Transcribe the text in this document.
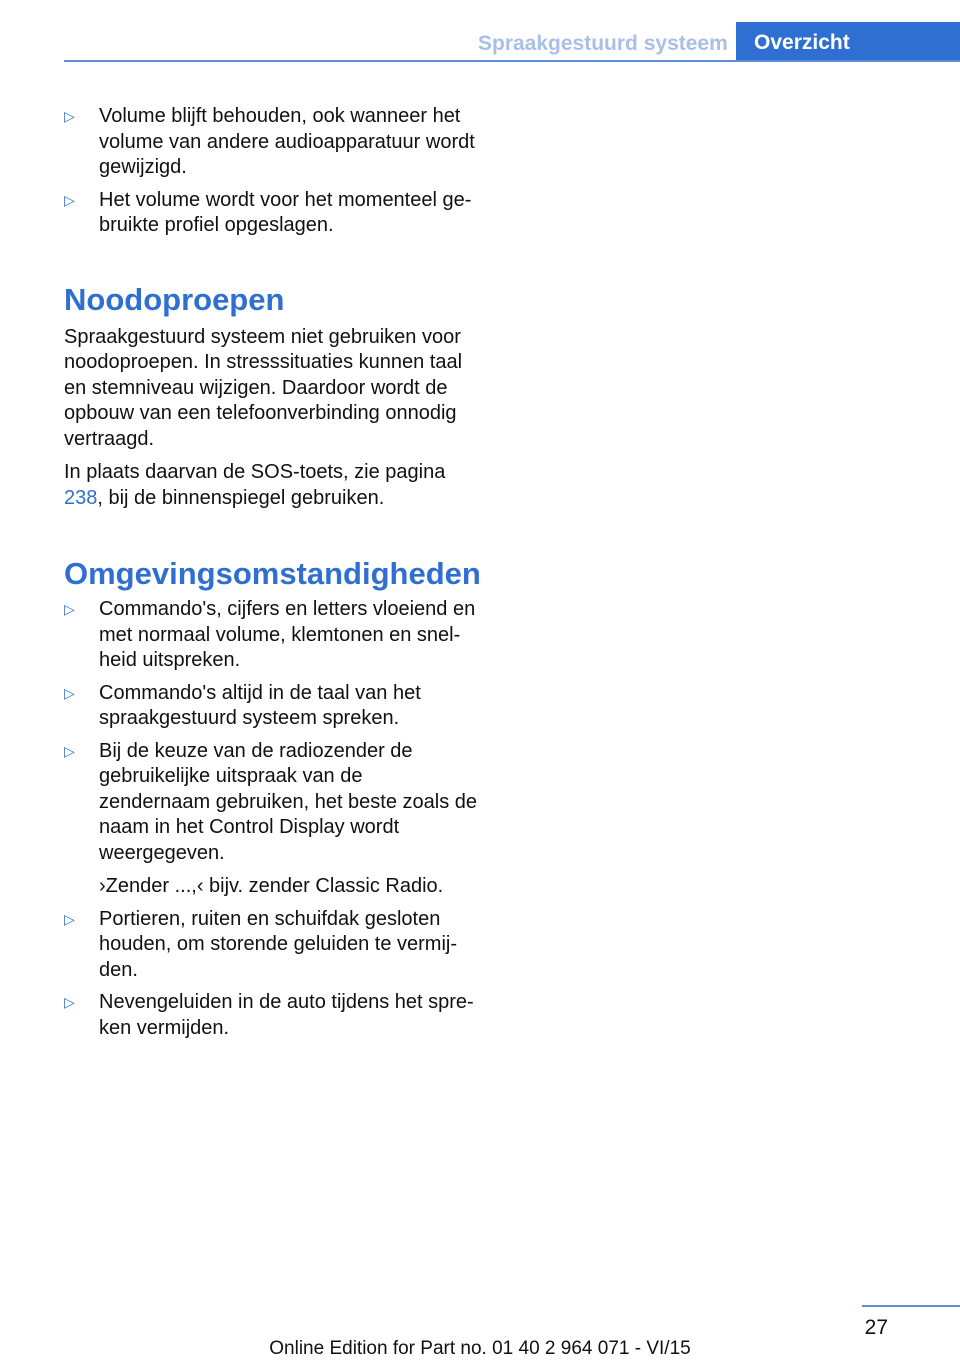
Spraakgestuurd systeem	Overzicht
▷ Volume blijft behouden, ook wanneer het volume van andere audioapparatuur wordt gewijzigd.
▷ Het volume wordt voor het momenteel gebruikte profiel opgeslagen.
Noodoproepen

Spraakgestuurd systeem niet gebruiken voor noodoproepen. In stresssituaties kunnen taal en stemniveau wijzigen. Daardoor wordt de opbouw van een telefoonverbinding onnodig vertraagd.

In plaats daarvan de SOS-toets, zie pagina 238, bij de binnenspiegel gebruiken.

Omgevingsomstandigheden
▷ Commando's, cijfers en letters vloeiend en met normaal volume, klemtonen en snelheid uitspreken.
▷ Commando's altijd in de taal van het spraakgestuurd systeem spreken.
▷ Bij de keuze van de radiozender de gebruikelijke uitspraak van de zendernaam gebruiken, het beste zoals de naam in het Control Display wordt weergegeven.
›Zender ...,‹ bijv. zender Classic Radio.
▷ Portieren, ruiten en schuifdak gesloten houden, om storende geluiden te vermijden.
▷ Nevengeluiden in de auto tijdens het spreken vermijden.
27
Online Edition for Part no. 01 40 2 964 071 - VI/15
